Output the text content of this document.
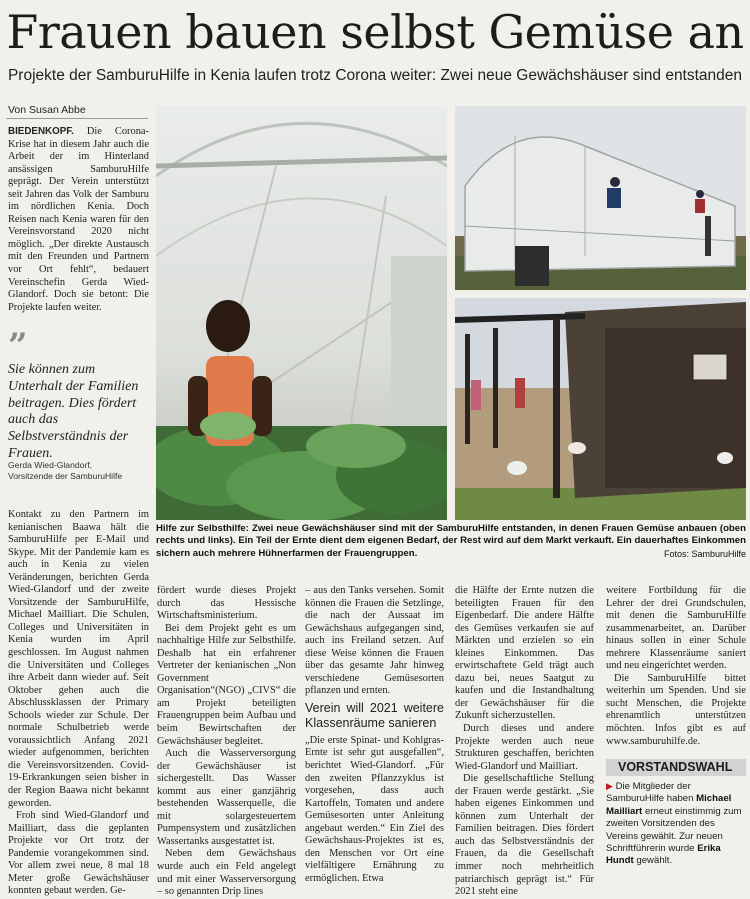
Frauen bauen selbst Gemüse an
Projekte der SamburuHilfe in Kenia laufen trotz Corona weiter: Zwei neue Gewächshäuser sind entstanden
Von Susan Abbe

BIEDENKOPF. Die Corona-Krise hat in diesem Jahr auch die Arbeit der im Hinterland ansässigen SamburuHilfe geprägt. Der Verein unterstützt seit Jahren das Volk der Samburu im nördlichen Kenia. Doch Reisen nach Kenia waren für den Vereinsvorstand 2020 nicht möglich. „Der direkte Austausch mit den Freunden und Partnern vor Ort fehlt“, bedauert Vereinschefin Gerda Wied-Glandorf. Doch sie betont: Die Projekte laufen weiter.

”
Sie können zum Unterhalt der Familien beitragen. Dies fördert auch das Selbstverständnis der Frauen.
Gerda Wied-Glandorf,
Vorsitzende der SamburuHilfe
Hilfe zur Selbsthilfe: Zwei neue Gewächshäuser sind mit der SamburuHilfe entstanden, in denen Frauen Gemüse anbauen (oben rechts und links). Ein Teil der Ernte dient dem eigenen Bedarf, der Rest wird auf dem Markt verkauft. Ein dauerhaftes Einkommen sichern auch mehrere Hühnerfarmen der Frauengruppen.	Fotos: SamburuHilfe

Kontakt zu den Partnern im kenianischen Baawa hält die SamburuHilfe per E-Mail und Skype. Mit der Pandemie kam es auch in Kenia zu vielen Veränderungen, berichten Gerda Wied-Glandorf und der zweite Vorsitzende der SamburuHilfe, Michael Mailliart. Die Schulen, Colleges und Universitäten in Kenia wurden im April geschlossen. Im August nahmen die Universitäten und Colleges ihre Arbeit dann wieder auf. Seit Oktober gehen auch die Abschlussklassen der Primary Schools wieder zur Schule. Der normale Schulbetrieb werde voraussichtlich Anfang 2021 wieder aufgenommen, berichten die Vereinsvorsitzenden. Covid-19-Erkrankungen seien bisher in der Region Baawa nicht bekannt geworden.

Froh sind Wied-Glandorf und Mailliart, dass die geplanten Projekte vor Ort trotz der Pandemie vorangekommen sind. Vor allem zwei neue, 8 mal 18 Meter große Gewächshäuser konnten gebaut werden. Ge-

fördert wurde dieses Projekt durch das Hessische Wirtschaftsministerium.

Bei dem Projekt geht es um nachhaltige Hilfe zur Selbsthilfe. Deshalb hat ein erfahrener Vertreter der kenianischen „Non Government Organisation“(NGO) „CIVS“ die am Projekt beteiligten Frauengruppen beim Aufbau und beim Bewirtschaften der Gewächshäuser begleitet.

Auch die Wasserversorgung der Gewächshäuser ist sichergestellt. Das Wasser kommt aus einer ganzjährig bestehenden Wasserquelle, die mit solargesteuertem Pumpensystem und zusätzlichen Wassertanks ausgestattet ist.

Neben dem Gewächshaus wurde auch ein Feld angelegt und mit einer Wasserversorgung – so genannten Drip lines

– aus den Tanks versehen. Somit können die Frauen die Setzlinge, die nach der Aussaat im Gewächshaus aufgegangen sind, auch ins Freiland setzen. Auf diese Weise können die Frauen über das gesamte Jahr hinweg verschiedene Gemüsesorten pflanzen und ernten.

Verein will 2021 weitere Klassenräume sanieren

„Die erste Spinat- und Kohlgras-Ernte ist sehr gut ausgefallen“, berichtet Wied-Glandorf. „Für den zweiten Pflanzzyklus ist vorgesehen, dass auch Kartoffeln, Tomaten und andere Gemüsesorten unter Anleitung angebaut werden.“ Ein Ziel des Gewächshaus-Projektes ist es, den Menschen vor Ort eine vielfältigere Ernährung zu ermöglichen. Etwa

die Hälfte der Ernte nutzen die beteiligten Frauen für den Eigenbedarf. Die andere Hälfte des Gemüses verkaufen sie auf Märkten und erzielen so ein kleines Einkommen. Das erwirtschaftete Geld trägt auch dazu bei, neues Saatgut zu kaufen und die Instandhaltung der Gewächshäuser für die Zukunft sicherzustellen.

Durch dieses und andere Projekte werden auch neue Strukturen geschaffen, berichten Wied-Glandorf und Mailliart.

Die gesellschaftliche Stellung der Frauen werde gestärkt. „Sie haben eigenes Einkommen und können zum Unterhalt der Familien beitragen. Dies fördert auch das Selbstverständnis der Frauen, da die Gesellschaft immer noch mehrheitlich patriarchisch geprägt ist.“ Für 2021 steht eine

weitere Fortbildung für die Lehrer der drei Grundschulen, mit denen die SamburuHilfe zusammenarbeitet, an. Darüber hinaus sollen in einer Schule mehrere Klassenräume saniert und neu eingerichtet werden.

Die SamburuHilfe bittet weiterhin um Spenden. Und sie sucht Menschen, die Projekte ehrenamtlich unterstützen möchten. Infos gibt es auf www.samburuhilfe.de.

VORSTANDSWAHL
▶ Die Mitglieder der SamburuHilfe haben Michael Mailliart erneut einstimmig zum zweiten Vorsitzenden des Vereins gewählt. Zur neuen Schriftführerin wurde Erika Hundt gewählt.
